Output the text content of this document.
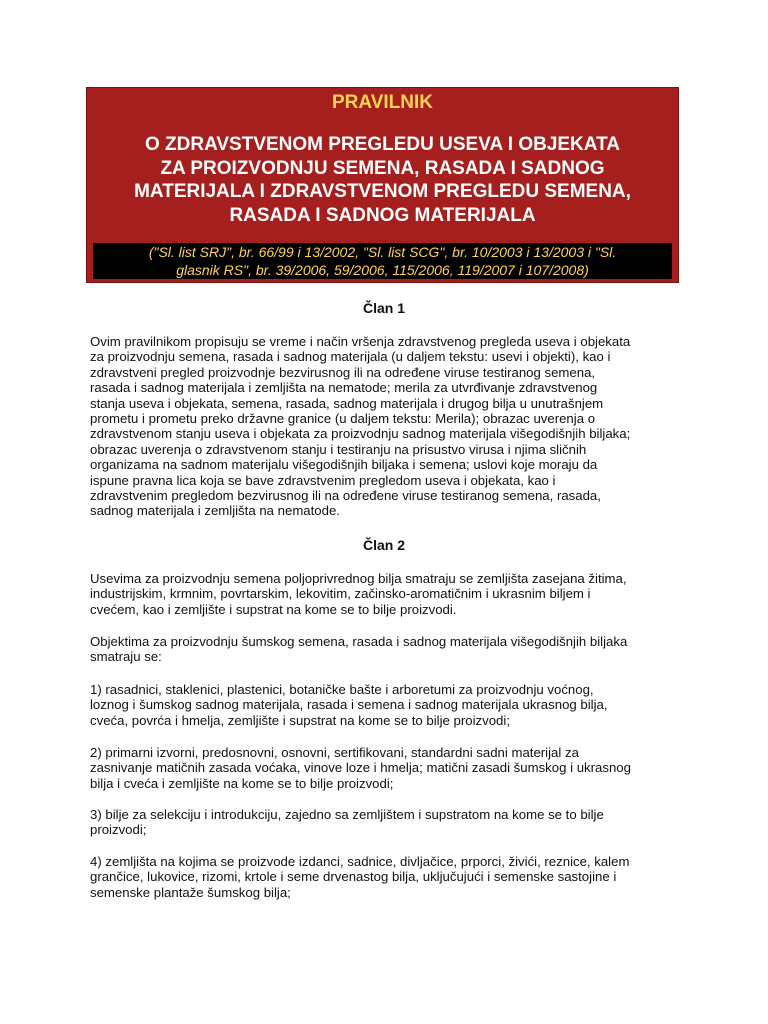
PRAVILNIK
O ZDRAVSTVENOM PREGLEDU USEVA I OBJEKATA
ZA PROIZVODNJU SEMENA, RASADA I SADNOG
MATERIJALA I ZDRAVSTVENOM PREGLEDU SEMENA,
RASADA I SADNOG MATERIJALA
("Sl. list SRJ", br. 66/99 i 13/2002, "Sl. list SCG", br. 10/2003 i 13/2003 i "Sl.
glasnik RS", br. 39/2006, 59/2006, 115/2006, 119/2007 i 107/2008)
Član 1
Ovim pravilnikom propisuju se vreme i način vršenja zdravstvenog pregleda useva i objekata
za proizvodnju semena, rasada i sadnog materijala (u daljem tekstu: usevi i objekti), kao i
zdravstveni pregled proizvodnje bezvirusnog ili na određene viruse testiranog semena,
rasada i sadnog materijala i zemljišta na nematode; merila za utvrđivanje zdravstvenog
stanja useva i objekata, semena, rasada, sadnog materijala i drugog bilja u unutrašnjem
prometu i prometu preko državne granice (u daljem tekstu: Merila); obrazac uverenja o
zdravstvenom stanju useva i objekata za proizvodnju sadnog materijala višegodišnjih biljaka;
obrazac uverenja o zdravstvenom stanju i testiranju na prisustvo virusa i njima sličnih
organizama na sadnom materijalu višegodišnjih biljaka i semena; uslovi koje moraju da
ispune pravna lica koja se bave zdravstvenim pregledom useva i objekata, kao i
zdravstvenim pregledom bezvirusnog ili na određene viruse testiranog semena, rasada,
sadnog materijala i zemljišta na nematode.
Član 2
Usevima za proizvodnju semena poljoprivrednog bilja smatraju se zemljišta zasejana žitima,
industrijskim, krmnim, povrtarskim, lekovitim, začinsko-aromatičnim i ukrasnim biljem i
cvećem, kao i zemljište i supstrat na kome se to bilje proizvodi.
Objektima za proizvodnju šumskog semena, rasada i sadnog materijala višegodišnjih biljaka
smatraju se:
1) rasadnici, staklenici, plastenici, botaničke bašte i arboretumi za proizvodnju voćnog,
loznog i šumskog sadnog materijala, rasada i semena i sadnog materijala ukrasnog bilja,
cveća, povrća i hmelja, zemljište i supstrat na kome se to bilje proizvodi;
2) primarni izvorni, predosnovni, osnovni, sertifikovani, standardni sadni materijal za
zasnivanje matičnih zasada voćaka, vinove loze i hmelja; matični zasadi šumskog i ukrasnog
bilja i cveća i zemljište na kome se to bilje proizvodi;
3) bilje za selekciju i introdukciju, zajedno sa zemljištem i supstratom na kome se to bilje
proizvodi;
4) zemljišta na kojima se proizvode izdanci, sadnice, divljačice, prporci, živići, reznice, kalem
grančice, lukovice, rizomi, krtole i seme drvenastog bilja, uključujući i semenske sastojine i
semenske plantaže šumskog bilja;
